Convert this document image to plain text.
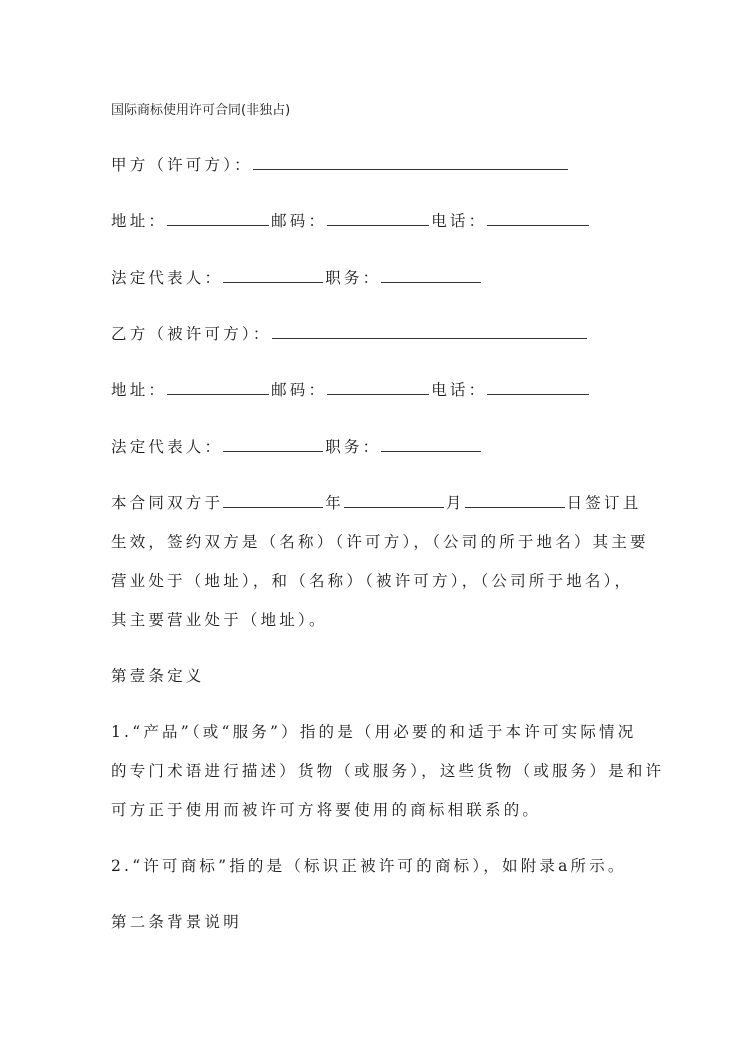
国际商标使用许可合同(非独占)
甲方（许可方）：
地址：	邮码：	电话：
法定代表人：	职务：
乙方（被许可方）：
地址：	邮码：	电话：
法定代表人：	职务：
本合同双方于	年	月	日签订且
生效，签约双方是（名称）（许可方），（公司的所于地名）其主要
营业处于（地址），和（名称）（被许可方），（公司所于地名），
其主要营业处于（地址）。
第壹条定义
1.“产品”（或“服务”）指的是（用必要的和适于本许可实际情况
的专门术语进行描述）货物（或服务），这些货物（或服务）是和许
可方正于使用而被许可方将要使用的商标相联系的。
2.“许可商标”指的是（标识正被许可的商标），如附录a所示。
第二条背景说明
